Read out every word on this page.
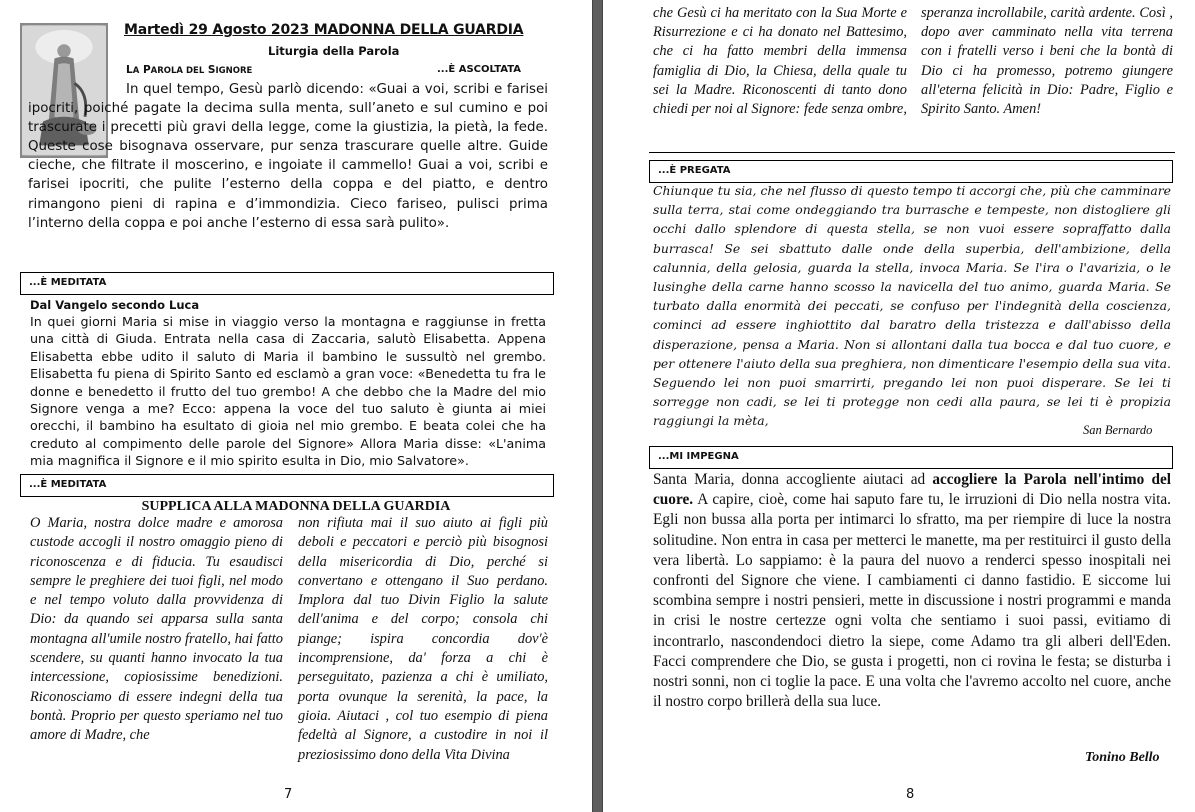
Martedì 29 Agosto 2023 MADONNA DELLA GUARDIA
Liturgia della Parola
LA PAROLA DEL SIGNORE	...È ASCOLTATA
In quel tempo, Gesù parlò dicendo: «Guai a voi, scribi e farisei ipocriti, poiché pagate la decima sulla menta, sull’aneto e sul cumino e poi trascurate i precetti più gravi della legge, come la giustizia, la pietà, la fede. Queste cose bisognava osservare, pur senza trascurare quelle altre. Guide cieche, che filtrate il moscerino, e ingoiate il cammello! Guai a voi, scribi e farisei ipocriti, che pulite l’esterno della coppa e del piatto, e dentro rimangono pieni di rapina e d’immondizia. Cieco fariseo, pulisci prima l’interno della coppa e poi anche l’esterno di essa sarà pulito».
...È MEDITATA
Dal Vangelo secondo Luca
In quei giorni Maria si mise in viaggio verso la montagna e raggiunse in fretta una città di Giuda. Entrata nella casa di Zaccaria, salutò Elisabetta. Appena Elisabetta ebbe udito il saluto di Maria il bambino le sussultò nel grembo. Elisabetta fu piena di Spirito Santo ed esclamò a gran voce: «Benedetta tu fra le donne e benedetto il frutto del tuo grembo! A che debbo che la Madre del mio Signore venga a me? Ecco: appena la voce del tuo saluto è giunta ai miei orecchi, il bambino ha esultato di gioia nel mio grembo. E beata colei che ha creduto al compimento delle parole del Signore» Allora Maria disse: «L'anima mia magnifica il Signore e il mio spirito esulta in Dio, mio Salvatore».
...È MEDITATA
SUPPLICA ALLA MADONNA DELLA GUARDIA
O Maria, nostra dolce madre e amorosa custode accogli il nostro omaggio pieno di riconoscenza e di fiducia. Tu esaudisci sempre le preghiere dei tuoi figli, nel modo e nel tempo voluto dalla provvidenza di Dio: da quando sei apparsa sulla santa montagna all'umile nostro fratello, hai fatto scendere, su quanti hanno invocato la tua intercessione, copiosissime benedizioni. Riconosciamo di essere indegni della tua bontà. Proprio per questo speriamo nel tuo amore di Madre, che
non rifiuta mai il suo aiuto ai figli più deboli e peccatori e perciò più bisognosi della misericordia di Dio, perché si convertano e ottengano il Suo perdano. Implora dal tuo Divin Figlio la salute dell'anima e del corpo; consola chi piange; ispira concordia dov'è incomprensione, da' forza a chi è perseguitato, pazienza a chi è umiliato, porta ovunque la serenità, la pace, la gioia. Aiutaci , col tuo esempio di piena fedeltà al Signore, a custodire in noi il preziosissimo dono della Vita Divina
7
che Gesù ci ha meritato con la Sua Morte e Risurrezione e ci ha donato nel Battesimo, che ci ha fatto membri della immensa famiglia di Dio, la Chiesa, della quale tu sei la Madre. Riconoscenti di tanto dono chiedi per noi al Signore: fede senza ombre,
speranza incrollabile, carità ardente. Così , dopo aver camminato nella vita terrena con i fratelli verso i beni che la bontà di Dio ci ha promesso, potremo giungere all'eterna felicità in Dio: Padre, Figlio e Spirito Santo. Amen!
...È PREGATA
Chiunque tu sia, che nel flusso di questo tempo ti accorgi che, più che camminare sulla terra, stai come ondeggiando tra burrasche e tempeste, non distogliere gli occhi dallo splendore di questa stella, se non vuoi essere sopraffatto dalla burrasca! Se sei sbattuto dalle onde della superbia, dell'ambizione, della calunnia, della gelosia, guarda la stella, invoca Maria. Se l'ira o l'avarizia, o le lusinghe della carne hanno scosso la navicella del tuo animo, guarda Maria. Se turbato dalla enormità dei peccati, se confuso per l'indegnità della coscienza, cominci ad essere inghiottito dal baratro della tristezza e dall'abisso della disperazione, pensa a Maria. Non si allontani dalla tua bocca e dal tuo cuore, e per ottenere l'aiuto della sua preghiera, non dimenticare l'esempio della sua vita. Seguendo lei non puoi smarrirti, pregando lei non puoi disperare. Se lei ti sorregge non cadi, se lei ti protegge non cedi alla paura, se lei ti è propizia raggiungi la mèta,
San Bernardo
...MI IMPEGNA
Santa Maria, donna accogliente aiutaci ad accogliere la Parola nell'intimo del cuore. A capire, cioè, come hai saputo fare tu, le irruzioni di Dio nella nostra vita. Egli non bussa alla porta per intimarci lo sfratto, ma per riempire di luce la nostra solitudine. Non entra in casa per metterci le manette, ma per restituirci il gusto della vera libertà. Lo sappiamo: è la paura del nuovo a renderci spesso inospitali nei confronti del Signore che viene. I cambiamenti ci danno fastidio. E siccome lui scombina sempre i nostri pensieri, mette in discussione i nostri programmi e manda in crisi le nostre certezze ogni volta che sentiamo i suoi passi, evitiamo di incontrarlo, nascondendoci dietro la siepe, come Adamo tra gli alberi dell'Eden. Facci comprendere che Dio, se gusta i progetti, non ci rovina le festa; se disturba i nostri sonni, non ci toglie la pace. E una volta che l'avremo accolto nel cuore, anche il nostro corpo brillerà della sua luce.
Tonino Bello
8
